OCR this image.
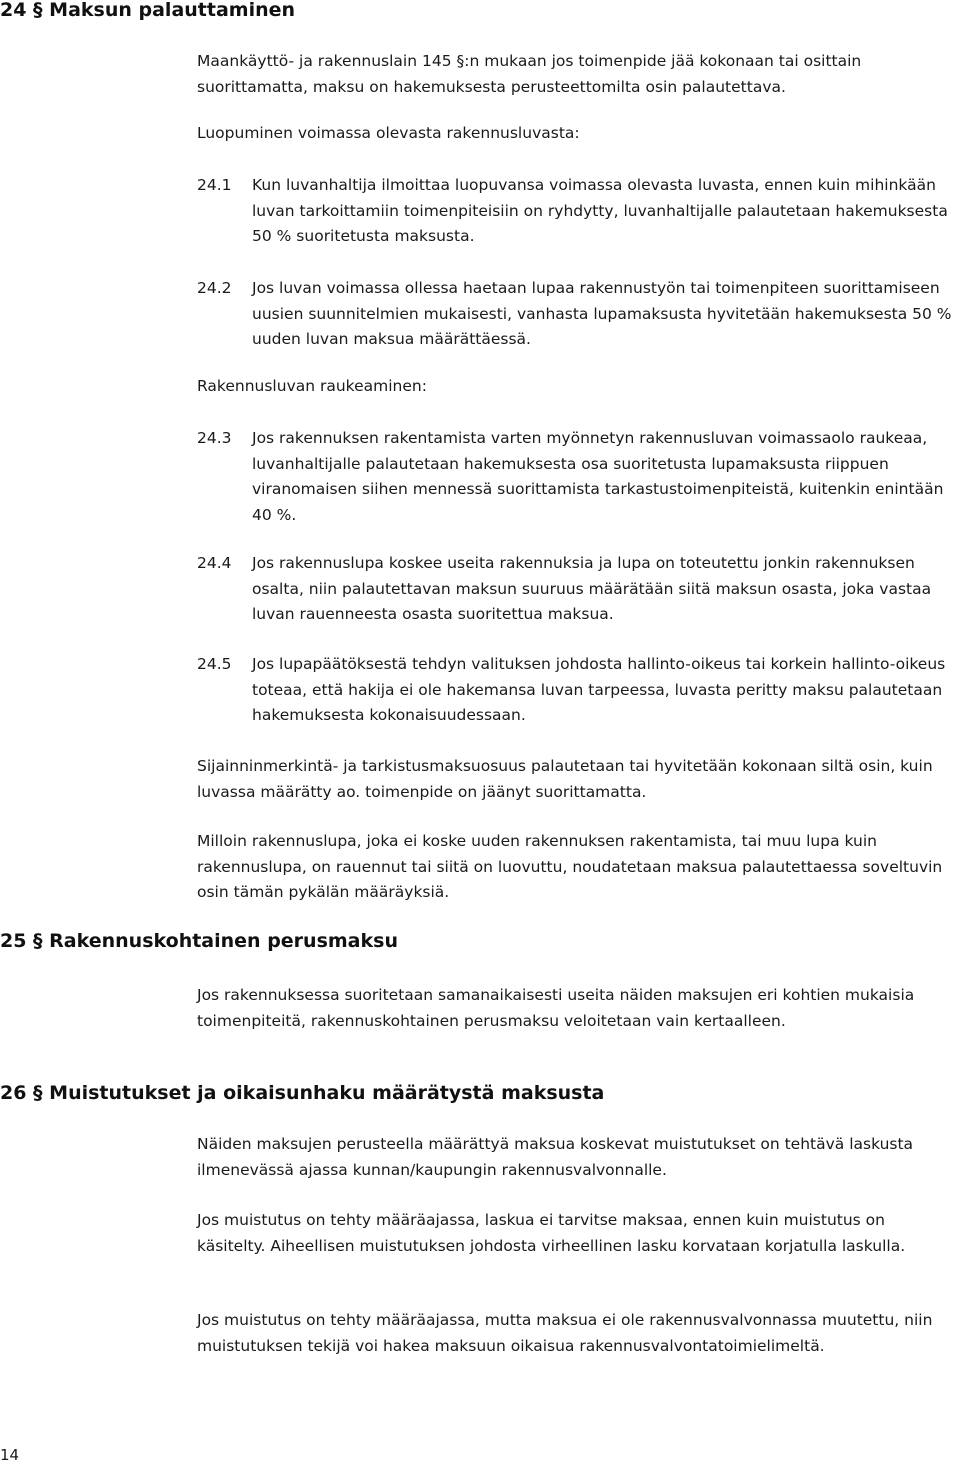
24 § Maksun palauttaminen

Maankäyttö- ja rakennuslain 145 §:n mukaan jos toimenpide jää kokonaan tai osittain suorittamatta, maksu on hakemuksesta perusteettomilta osin palautettava.

Luopuminen voimassa olevasta rakennusluvasta:

24.1 Kun luvanhaltija ilmoittaa luopuvansa voimassa olevasta luvasta, ennen kuin mihinkään luvan tarkoittamiin toimenpiteisiin on ryhdytty, luvanhaltijalle palautetaan hakemuksesta 50 % suoritetusta maksusta.
24.2 Jos luvan voimassa ollessa haetaan lupaa rakennustyön tai toimenpiteen suorittamiseen uusien suunnitelmien mukaisesti, vanhasta lupamaksusta hyvitetään hakemuksesta 50 % uuden luvan maksua määrättäessä.

Rakennusluvan raukeaminen:

24.3 Jos rakennuksen rakentamista varten myönnetyn rakennusluvan voimassaolo raukeaa, luvanhaltijalle palautetaan hakemuksesta osa suoritetusta lupamaksusta riippuen viranomaisen siihen mennessä suorittamista tarkastustoimenpiteistä, kuitenkin enintään 40 %.
24.4 Jos rakennuslupa koskee useita rakennuksia ja lupa on toteutettu jonkin rakennuksen osalta, niin palautettavan maksun suuruus määrätään siitä maksun osasta, joka vastaa luvan rauenneesta osasta suoritettua maksua.
24.5 Jos lupapäätöksestä tehdyn valituksen johdosta hallinto-oikeus tai korkein hallinto-oikeus toteaa, että hakija ei ole hakemansa luvan tarpeessa, luvasta peritty maksu palautetaan hakemuksesta kokonaisuudessaan.

Sijainninmerkintä- ja tarkistusmaksuosuus palautetaan tai hyvitetään kokonaan siltä osin, kuin luvassa määrätty ao. toimenpide on jäänyt suorittamatta.

Milloin rakennuslupa, joka ei koske uuden rakennuksen rakentamista, tai muu lupa kuin rakennuslupa, on rauennut tai siitä on luovuttu, noudatetaan maksua palautettaessa soveltuvin osin tämän pykälän määräyksiä.

25 § Rakennuskohtainen perusmaksu

Jos rakennuksessa suoritetaan samanaikaisesti useita näiden maksujen eri kohtien mukaisia toimenpiteitä, rakennuskohtainen perusmaksu veloitetaan vain kertaalleen.

26 § Muistutukset ja oikaisunhaku määrätystä maksusta

Näiden maksujen perusteella määrättyä maksua koskevat muistutukset on tehtävä laskusta ilmenevässä ajassa kunnan/kaupungin rakennusvalvonnalle.

Jos muistutus on tehty määräajassa, laskua ei tarvitse maksaa, ennen kuin muistutus on käsitelty. Aiheellisen muistutuksen johdosta virheellinen lasku korvataan korjatulla laskulla.

Jos muistutus on tehty määräajassa, mutta maksua ei ole rakennusvalvonnassa muutettu, niin muistutuksen tekijä voi hakea maksuun oikaisua rakennusvalvontatoimielimeltä.

14
